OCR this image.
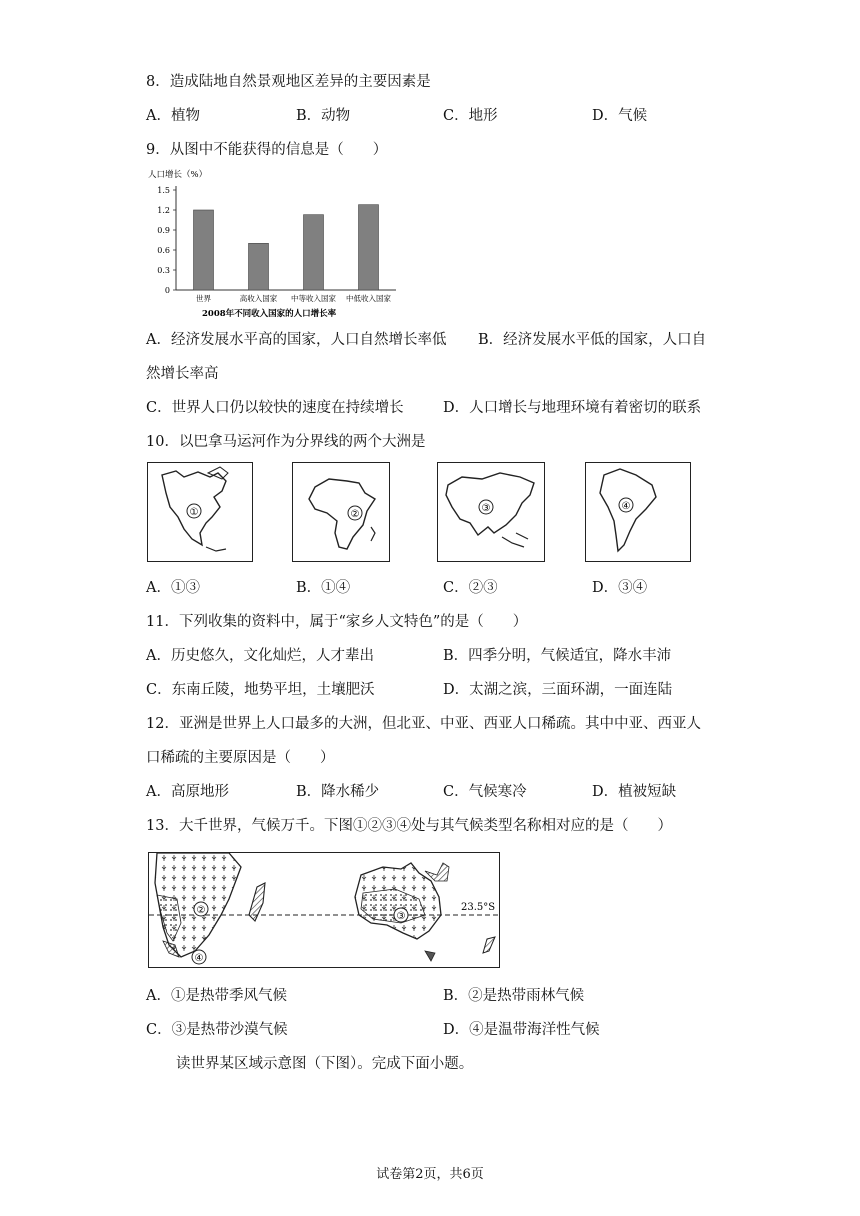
8．造成陆地自然景观地区差异的主要因素是
A．植物	B．动物	C．地形	D．气候
9．从图中不能获得的信息是（　　）
人口增长（%）
2008年不同收入国家的人口增长率
1.5
1.2
0.9
0.6
0.3
0
世界	高收入国家 中等收入国家 中低收入国家
A．经济发展水平高的国家，人口自然增长率低 B．经济发展水平低的国家，人口自
然增长率高
C．世界人口仍以较快的速度在持续增长	D．人口增长与地理环境有着密切的联系
10．以巴拿马运河作为分界线的两个大洲是
①	②
③	④
A．①③	B．①④	C．②③	D．③④
11．下列收集的资料中，属于“家乡人文特色”的是（　　）
A．历史悠久，文化灿烂，人才辈出	B．四季分明，气候适宜，降水丰沛
C．东南丘陵，地势平坦，土壤肥沃	D．太湖之滨，三面环湖，一面连陆
12．亚洲是世界上人口最多的大洲，但北亚、中亚、西亚人口稀疏。其中中亚、西亚人
口稀疏的主要原因是（　　）
A．高原地形	B．降水稀少	C．气候寒冷	D．植被短缺
13．大千世界，气候万千。下图①②③④处与其气候类型名称相对应的是（　　）
23.5°S
②
③
④
A．①是热带季风气候	B．②是热带雨林气候
C．③是热带沙漠气候	D．④是温带海洋性气候
读世界某区域示意图（下图）。完成下面小题。
试卷第2页，共6页
